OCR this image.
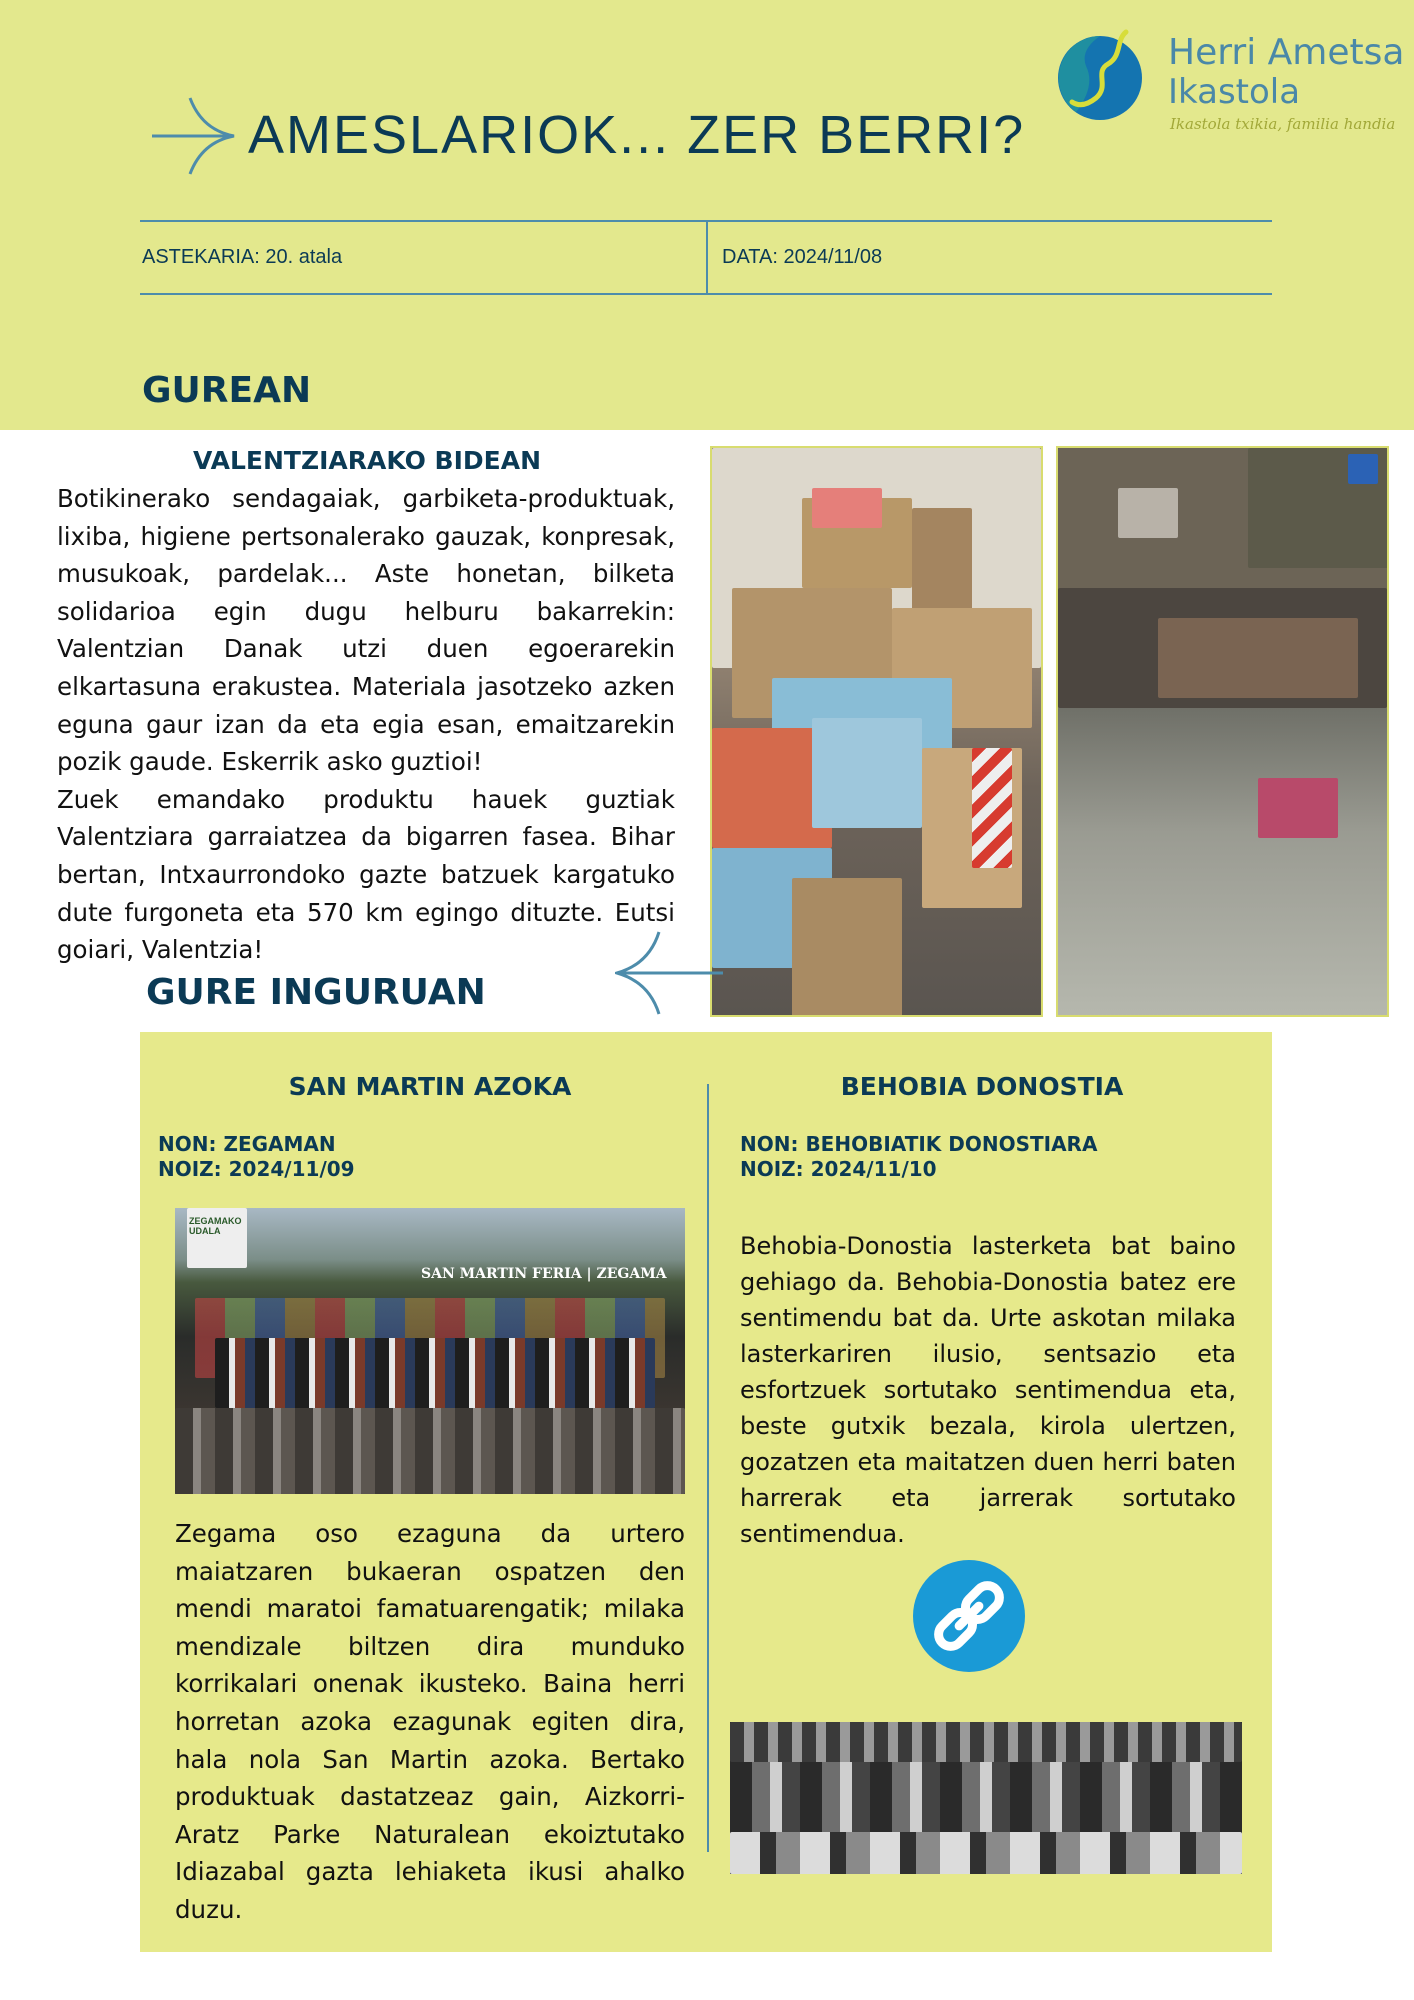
Herri Ametsa
Ikastola
Ikastola txikia, familia handia
AMESLARIOK... ZER BERRI?
ASTEKARIA: 20. atala	DATA: 2024/11/08
GUREAN
VALENTZIARAKO BIDEAN
Botikinerako sendagaiak, garbiketa-produktuak, lixiba, higiene pertsonalerako gauzak, konpresak, musukoak, pardelak... Aste honetan, bilketa solidarioa egin dugu helburu bakarrekin: Valentzian Danak utzi duen egoerarekin elkartasuna erakustea. Materiala jasotzeko azken eguna gaur izan da eta egia esan, emaitzarekin pozik gaude. Eskerrik asko guztioi!
Zuek emandako produktu hauek guztiak Valentziara garraiatzea da bigarren fasea. Bihar bertan, Intxaurrondoko gazte batzuek kargatuko dute furgoneta eta 570 km egingo dituzte. Eutsi goiari, Valentzia!
GURE INGURUAN
SAN MARTIN AZOKA
NON: ZEGAMAN
NOIZ: 2024/11/09
ZEGAMAKO UDALA
SAN MARTIN FERIA | ZEGAMA
Zegama oso ezaguna da urtero maiatzaren bukaeran ospatzen den mendi maratoi famatuarengatik; milaka mendizale biltzen dira munduko korrikalari onenak ikusteko. Baina herri horretan azoka ezagunak egiten dira, hala nola San Martin azoka. Bertako produktuak dastatzeaz gain, Aizkorri-Aratz Parke Naturalean ekoiztutako Idiazabal gazta lehiaketa ikusi ahalko duzu.
BEHOBIA DONOSTIA
NON: BEHOBIATIK DONOSTIARA
NOIZ: 2024/11/10
Behobia-Donostia lasterketa bat baino gehiago da. Behobia-Donostia batez ere sentimendu bat da. Urte askotan milaka lasterkariren ilusio, sentsazio eta esfortzuek sortutako sentimendua eta, beste gutxik bezala, kirola ulertzen, gozatzen eta maitatzen duen herri baten harrerak eta jarrerak sortutako sentimendua.
